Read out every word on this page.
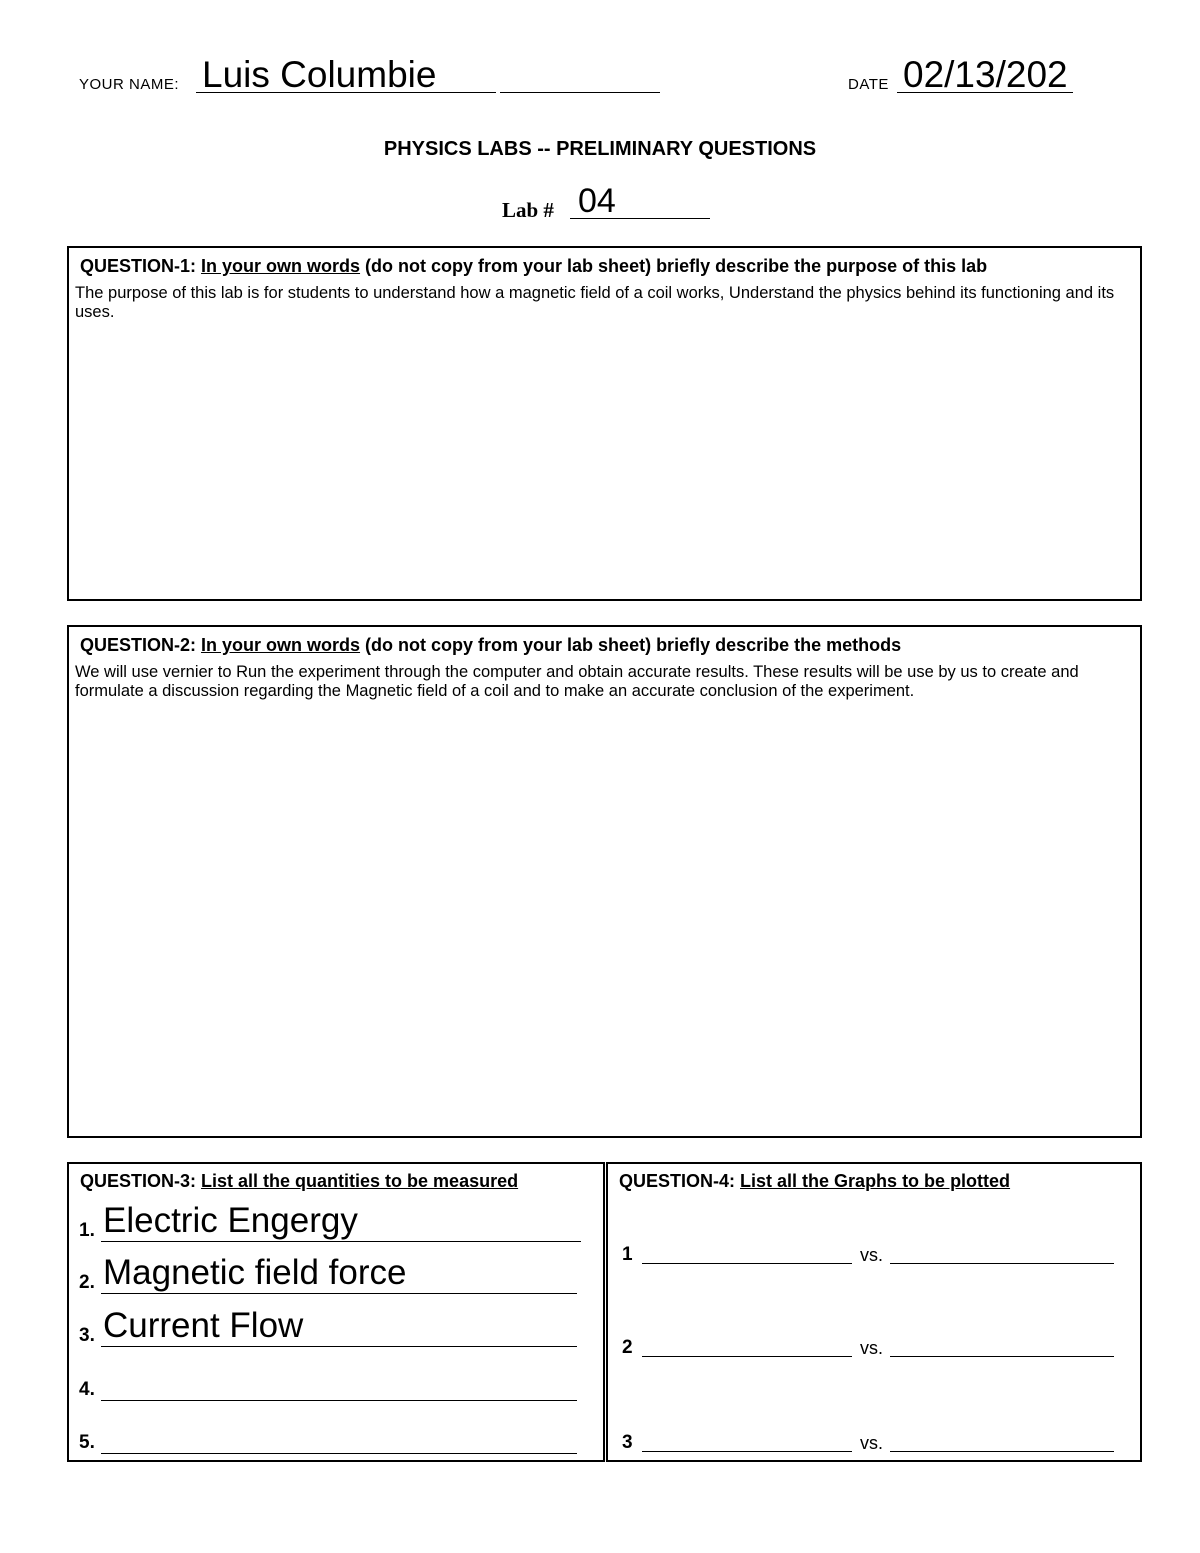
YOUR NAME: Luis Columbie	DATE 02/13/202
PHYSICS LABS -- PRELIMINARY QUESTIONS
Lab # 04
QUESTION-1: In your own words (do not copy from your lab sheet) briefly describe the purpose of this lab
The purpose of this lab is for students to understand how a magnetic field of a coil works, Understand the physics behind its functioning and its uses.
QUESTION-2: In your own words (do not copy from your lab sheet) briefly describe the methods
We will use vernier to Run the experiment through the computer and obtain accurate results. These results will be use by us to create and formulate a discussion regarding the Magnetic field of a coil and to make an accurate conclusion of the experiment.
QUESTION-3: List all the quantities to be measured
1. Electric Engergy
2. Magnetic field force
3. Current Flow
4.
5.
QUESTION-4: List all the Graphs to be plotted
1	vs.
2	vs.
3	vs.
